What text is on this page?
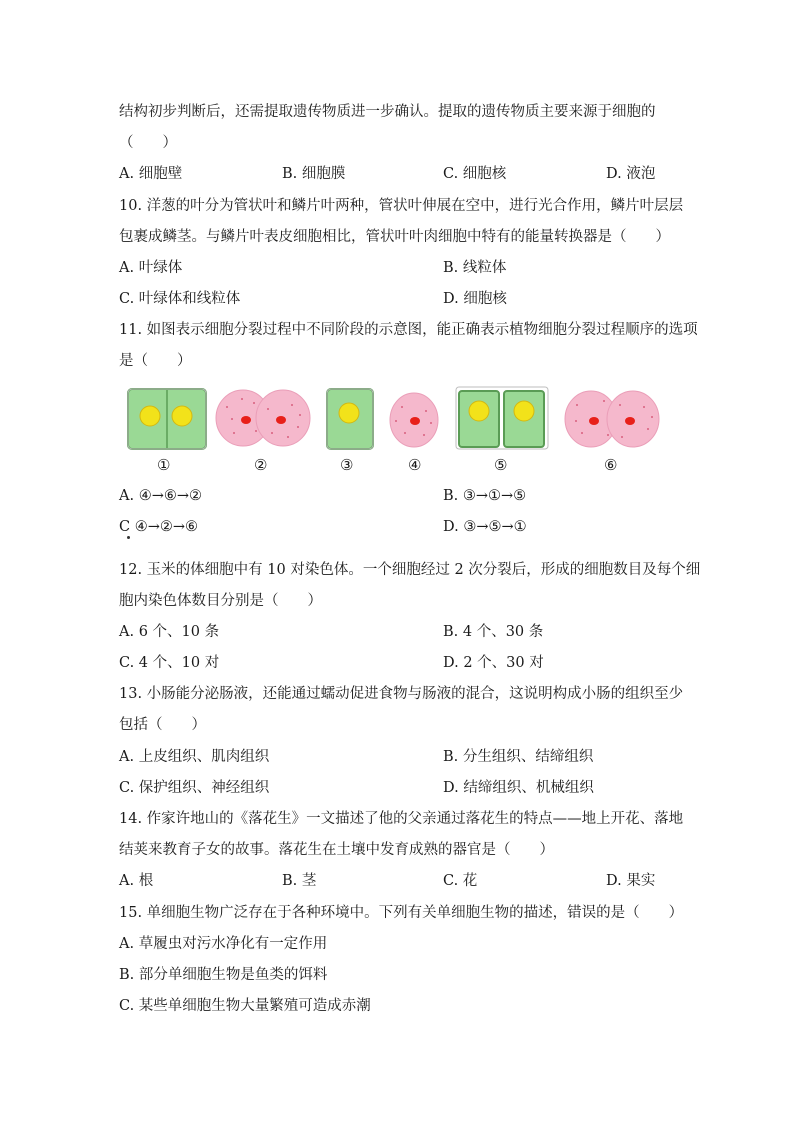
结构初步判断后，还需提取遗传物质进一步确认。提取的遗传物质主要来源于细胞的
（　　）
A. 细胞壁	B. 细胞膜	C. 细胞核	D. 液泡
10. 洋葱的叶分为管状叶和鳞片叶两种，管状叶伸展在空中，进行光合作用，鳞片叶层层
包裹成鳞茎。与鳞片叶表皮细胞相比，管状叶叶肉细胞中特有的能量转换器是（　　）
A. 叶绿体	B. 线粒体
C. 叶绿体和线粒体	D. 细胞核
11. 如图表示细胞分裂过程中不同阶段的示意图，能正确表示植物细胞分裂过程顺序的选项
是（　　）
①	②	③	④	⑤	⑥
A. ④→⑥→②	B. ③→①→⑤
C ④→②→⑥	D. ③→⑤→①
12. 玉米的体细胞中有 10 对染色体。一个细胞经过 2 次分裂后，形成的细胞数目及每个细
胞内染色体数目分别是（　　）
A. 6 个、10 条	B. 4 个、30 条
C. 4 个、10 对	D. 2 个、30 对
13. 小肠能分泌肠液，还能通过蠕动促进食物与肠液的混合，这说明构成小肠的组织至少
包括（　　）
A. 上皮组织、肌肉组织	B. 分生组织、结缔组织
C. 保护组织、神经组织	D. 结缔组织、机械组织
14. 作家许地山的《落花生》一文描述了他的父亲通过落花生的特点——地上开花、落地
结荚来教育子女的故事。落花生在土壤中发育成熟的器官是（　　）
A. 根	B. 茎	C. 花	D. 果实
15. 单细胞生物广泛存在于各种环境中。下列有关单细胞生物的描述，错误的是（　　）
A. 草履虫对污水净化有一定作用
B. 部分单细胞生物是鱼类的饵料
C. 某些单细胞生物大量繁殖可造成赤潮
